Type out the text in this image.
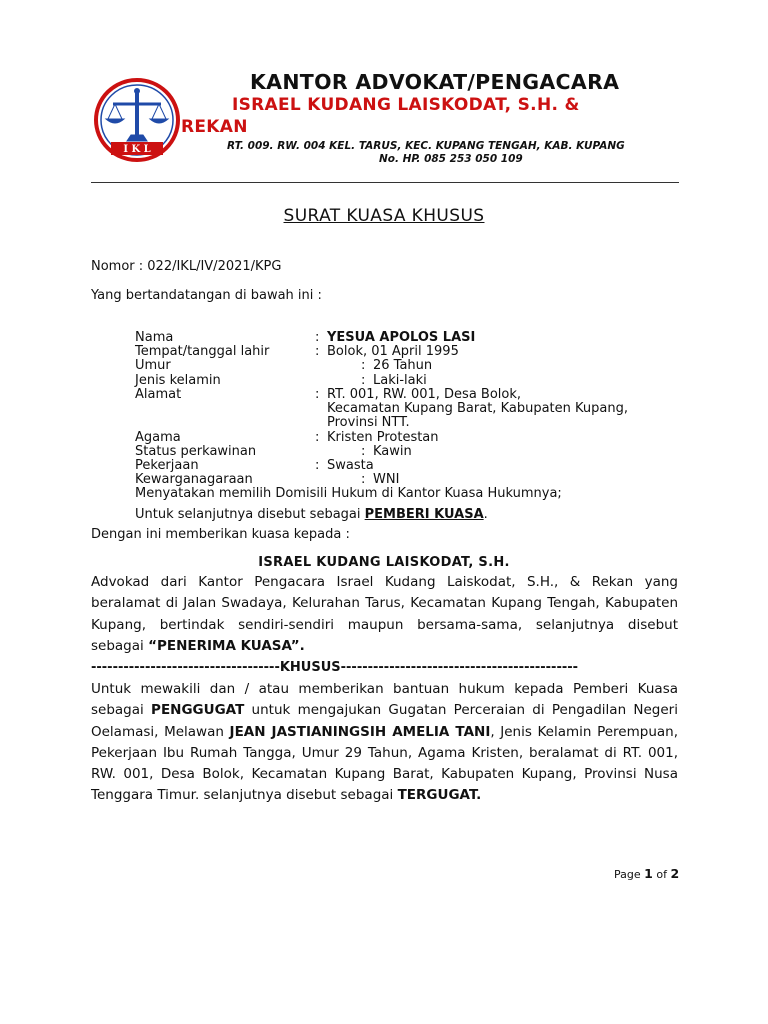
I K L
KANTOR ADVOKAT/PENGACARA
ISRAEL KUDANG LAISKODAT, S.H. &
REKAN
RT. 009. RW. 004 KEL. TARUS, KEC. KUPANG TENGAH, KAB. KUPANG
No. HP. 085 253 050 109
SURAT KUASA KHUSUS
Nomor : 022/IKL/IV/2021/KPG
Yang bertandatangan di bawah ini :
Nama	: YESUA APOLOS LASI
Tempat/tanggal lahir	: Bolok, 01 April 1995
Umur	: 26 Tahun
Jenis kelamin	: Laki-laki
Alamat	: RT. 001, RW. 001, Desa Bolok,
Kecamatan Kupang Barat, Kabupaten Kupang,
Provinsi NTT.
Agama	: Kristen Protestan
Status perkawinan	: Kawin
Pekerjaan	: Swasta
Kewarganagaraan	: WNI
Menyatakan memilih Domisili Hukum di Kantor Kuasa Hukumnya;
Untuk selanjutnya disebut sebagai PEMBERI KUASA.
Dengan ini memberikan kuasa kepada :
ISRAEL KUDANG LAISKODAT, S.H.
Advokad dari Kantor Pengacara Israel Kudang Laiskodat, S.H., & Rekan yang beralamat di Jalan Swadaya, Kelurahan Tarus, Kecamatan Kupang Tengah, Kabupaten Kupang, bertindak sendiri-sendiri maupun bersama-sama, selanjutnya disebut sebagai “PENERIMA KUASA”.
-----------------------------------KHUSUS--------------------------------------------
Untuk mewakili dan / atau memberikan bantuan hukum kepada Pemberi Kuasa sebagai PENGGUGAT untuk mengajukan Gugatan Perceraian di Pengadilan Negeri Oelamasi, Melawan JEAN JASTIANINGSIH AMELIA TANI, Jenis Kelamin Perempuan, Pekerjaan Ibu Rumah Tangga, Umur 29 Tahun, Agama Kristen, beralamat di RT. 001, RW. 001, Desa Bolok, Kecamatan Kupang Barat, Kabupaten Kupang, Provinsi Nusa Tenggara Timur. selanjutnya disebut sebagai TERGUGAT.
Page 1 of 2
